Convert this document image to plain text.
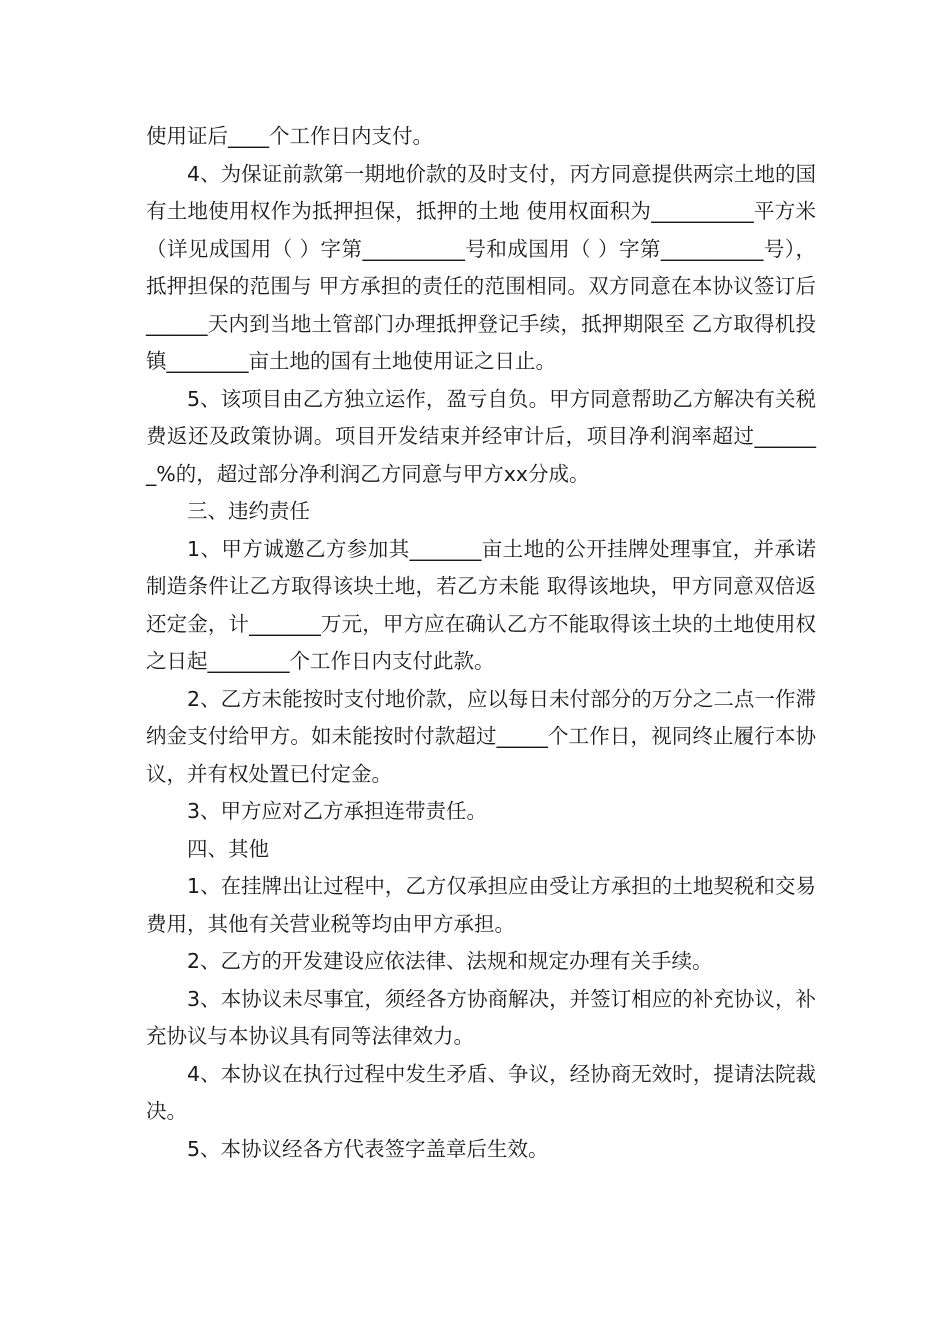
使用证后____个工作日内支付。

4、为保证前款第一期地价款的及时支付，丙方同意提供两宗土地的国有土地使用权作为抵押担保，抵押的土地 使用权面积为__________平方米（详见成国用（ ）字第__________号和成国用（ ）字第__________号），抵押担保的范围与 甲方承担的责任的范围相同。双方同意在本协议签订后 ______天内到当地土管部门办理抵押登记手续，抵押期限至 乙方取得机投镇________亩土地的国有土地使用证之日止。

5、该项目由乙方独立运作，盈亏自负。甲方同意帮助乙方解决有关税费返还及政策协调。项目开发结束并经审计后，项目净利润率超过_______%的，超过部分净利润乙方同意与甲方xx分成。

三、违约责任

1、甲方诚邀乙方参加其_______亩土地的公开挂牌处理事宜，并承诺制造条件让乙方取得该块土地，若乙方未能 取得该地块，甲方同意双倍返还定金，计_______万元，甲方应在确认乙方不能取得该土块的土地使用权之日起________个工作日内支付此款。

2、乙方未能按时支付地价款，应以每日未付部分的万分之二点一作滞纳金支付给甲方。如未能按时付款超过_____个工作日，视同终止履行本协议，并有权处置已付定金。

3、甲方应对乙方承担连带责任。

四、其他

1、在挂牌出让过程中，乙方仅承担应由受让方承担的土地契税和交易费用，其他有关营业税等均由甲方承担。

2、乙方的开发建设应依法律、法规和规定办理有关手续。

3、本协议未尽事宜，须经各方协商解决，并签订相应的补充协议，补充协议与本协议具有同等法律效力。

4、本协议在执行过程中发生矛盾、争议，经协商无效时，提请法院裁决。

5、本协议经各方代表签字盖章后生效。
